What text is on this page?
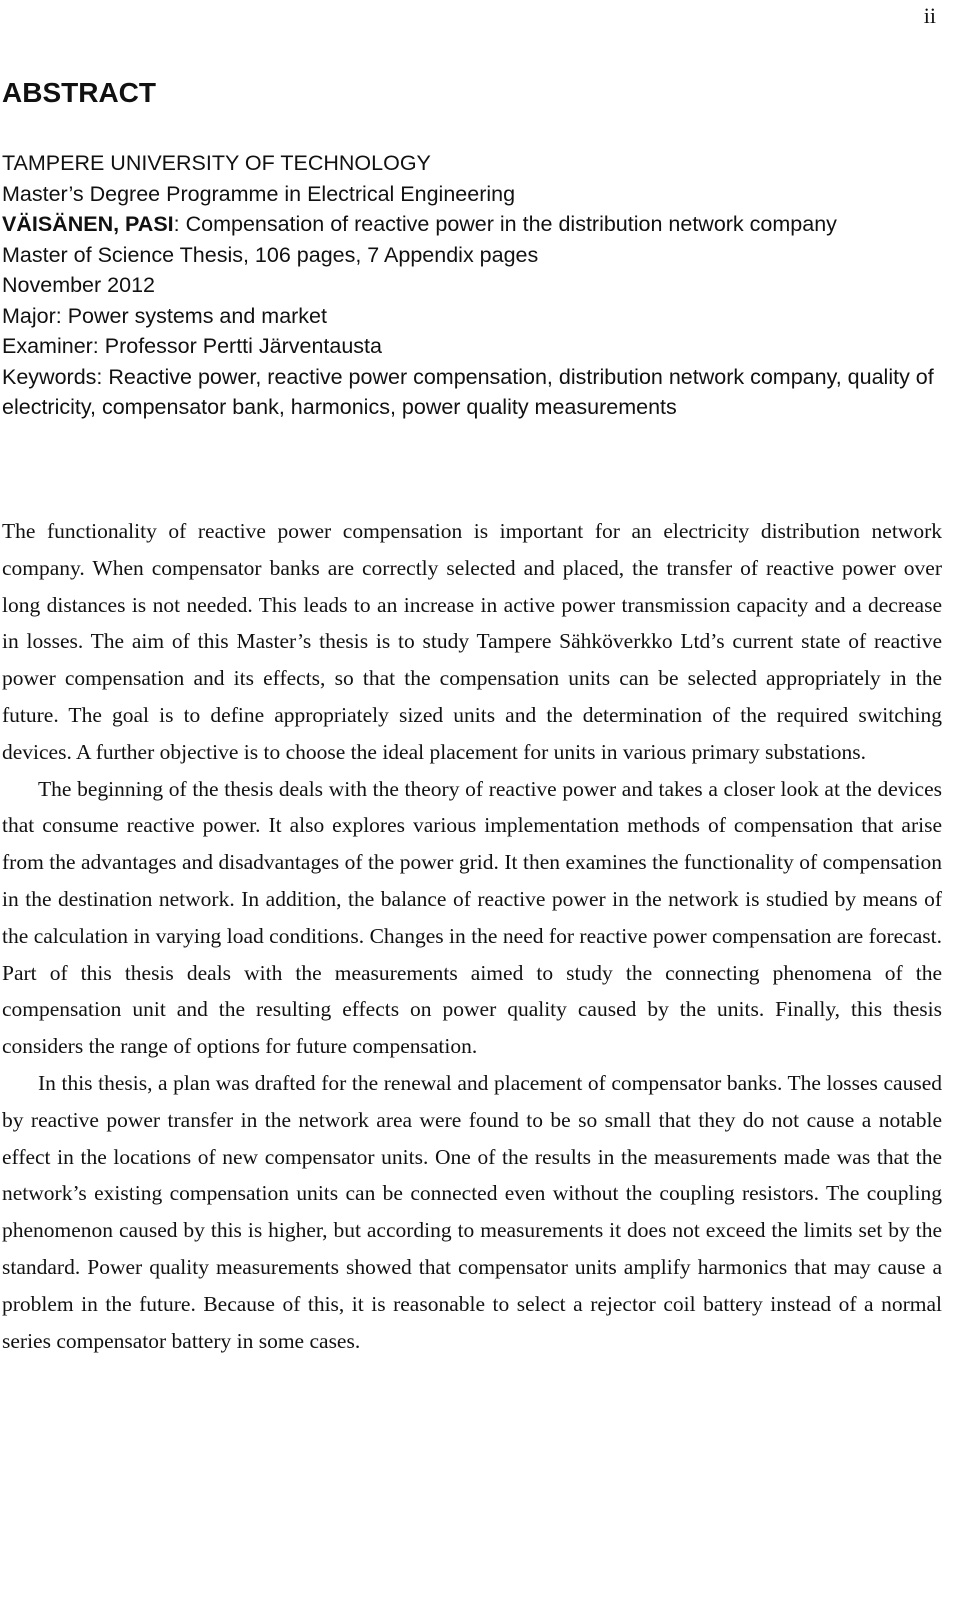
ii
ABSTRACT
TAMPERE UNIVERSITY OF TECHNOLOGY
Master’s Degree Programme in Electrical Engineering
VÄISÄNEN, PASI: Compensation of reactive power in the distribution network company
Master of Science Thesis, 106 pages, 7 Appendix pages
November 2012
Major: Power systems and market
Examiner: Professor Pertti Järventausta
Keywords: Reactive power, reactive power compensation, distribution network company, quality of electricity, compensator bank, harmonics, power quality measurements

The functionality of reactive power compensation is important for an electricity distribution network company. When compensator banks are correctly selected and placed, the transfer of reactive power over long distances is not needed. This leads to an increase in active power transmission capacity and a decrease in losses. The aim of this Master’s thesis is to study Tampere Sähköverkko Ltd’s current state of reactive power compensation and its effects, so that the compensation units can be selected appropriately in the future. The goal is to define appropriately sized units and the determination of the required switching devices. A further objective is to choose the ideal placement for units in various primary substations.

The beginning of the thesis deals with the theory of reactive power and takes a closer look at the devices that consume reactive power. It also explores various implementation methods of compensation that arise from the advantages and disadvantages of the power grid. It then examines the functionality of compensation in the destination network. In addition, the balance of reactive power in the network is studied by means of the calculation in varying load conditions. Changes in the need for reactive power compensation are forecast. Part of this thesis deals with the measurements aimed to study the connecting phenomena of the compensation unit and the resulting effects on power quality caused by the units. Finally, this thesis considers the range of options for future compensation.

In this thesis, a plan was drafted for the renewal and placement of compensator banks. The losses caused by reactive power transfer in the network area were found to be so small that they do not cause a notable effect in the locations of new compensator units. One of the results in the measurements made was that the network’s existing compensation units can be connected even without the coupling resistors. The coupling phenomenon caused by this is higher, but according to measurements it does not exceed the limits set by the standard. Power quality measurements showed that compensator units amplify harmonics that may cause a problem in the future. Because of this, it is reasonable to select a rejector coil battery instead of a normal series compensator battery in some cases.
